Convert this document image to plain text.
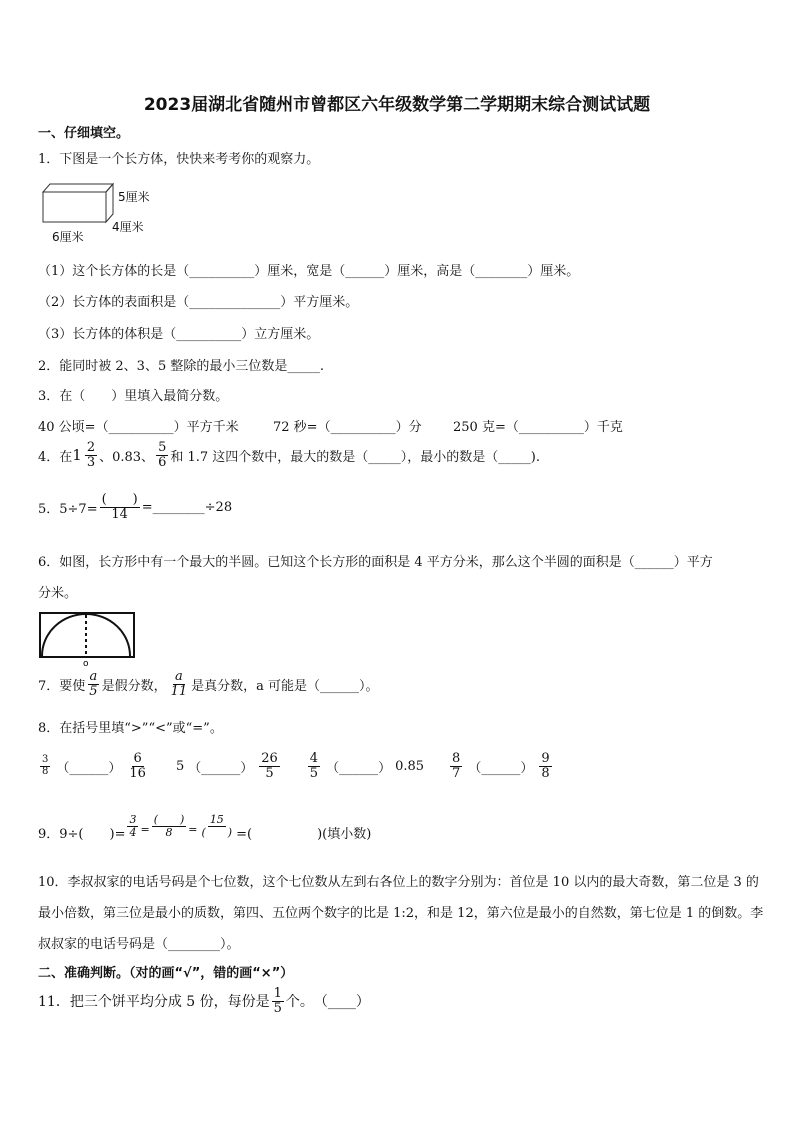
2023届湖北省随州市曾都区六年级数学第二学期期末综合测试试题
一、仔细填空。
1．下图是一个长方体，快快来考考你的观察力。
5厘米
4厘米
6厘米
（1）这个长方体的长是（__________）厘米，宽是（______）厘米，高是（________）厘米。
（2）长方体的表面积是（______________）平方厘米。
（3）长方体的体积是（__________）立方厘米。
2．能同时被 2、3、5 整除的最小三位数是_____.
3．在（　　）里填入最简分数。
40 公顷=（__________）平方千米	72 秒=（__________）分 250 克=（__________）千克
4．在 $1 \frac{2}{3}$ 、0.83、 $\frac{5}{6}$ 和 1.7 这四个数中，最大的数是（_____），最小的数是（_____).
5．$5\div 7= \frac{( )}{14}$ =________÷28
6．如图，长方形中有一个最大的半圆。已知这个长方形的面积是 4 平方分米，那么这个半圆的面积是（______）平方
分米。
o
7．要使 $\frac{a}{5}$ 是假分数， $\frac{a}{11}$ 是真分数，a 可能是（______）。
8．在括号里填“>”“<”或“=”。
$\frac{3}{8}$ （______） $\frac{6}{16} 5$ （______） $\frac{26}{5} \frac{4}{5}$ （______） $0.85 \frac{8}{7}$ （______） $\frac{9}{8}$
9．9÷(　　)= $\frac{3}{4} = \frac{( )}{8} = \frac{15}{( )}$ =(　　　　　)(填小数)
10．李叔叔家的电话号码是个七位数，这个七位数从左到右各位上的数字分别为：首位是 10 以内的最大奇数，第二位是 3 的最小倍数，第三位是最小的质数，第四、五位两个数字的比是 1:2，和是 12，第六位是最小的自然数，第七位是 1 的倒数。李叔叔家的电话号码是（________）。
二、准确判断。（对的画“√”，错的画“×”）
11．把三个饼平均分成 5 份，每份是 $\frac{1}{5}$ 个。　（____）
